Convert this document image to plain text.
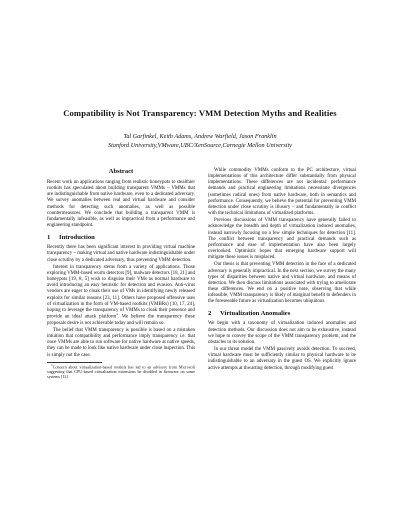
Compatibility is Not Transparency: VMM Detection Myths and Realities
Tal Garfinkel, Keith Adams, Andrew Warfield, Jason Franklin
Stanford University,VMware,UBC/XenSource,Carnegie Mellon University
Abstract

Recent work on applications ranging from realistic honeypots to stealthier rootkits has speculated about building transparent VMMs – VMMs that are indistinguishable from native hardware, even to a dedicated adversary. We survey anomalies between real and virtual hardware and consider methods for detecting such anomalies, as well as possible countermeasures. We conclude that building a transparent VMM is fundamentally infeasible, as well as impractical from a performance and engineering standpoint.

1 Introduction

Recently there has been significant interest in providing virtual machine transparency – making virtual and native hardware indistinguishable under close scrutiny by a dedicated adversary, thus preventing VMM detection.

Interest in transparency stems from a variety of applications. Those exploring VMM-based worm detectors [9], malware detectors [18, 21] and honeypots [19, 8, 5] wish to disguise their VMs as normal hardware to avoid introducing an easy heuristic for detection and evasion. Anti-virus vendors are eager to cloak their use of VMs in identifying newly released exploits for similar reasons [23, 11]. Others have proposed offensive uses of virtualization in the form of VM-based rootkits (VMBRs) [10, 17, 24], hoping to leverage the transparency of VMMs to cloak their presence and provide an ideal attack platform$^1$. We believe the transparency these proposals desire is not achievable today and will remain so.

The belief that VMM transparency is possible is based on a mistaken intuition that compatibility and performance imply transparency i.e. that once VMMs are able to run software for native hardware at native speeds, they can be made to look like native hardware under close inspection. This is simply not the case.

$^1$Concern about virtualization-based rootkits has led to an advisory from Microsoft suggesting that CPU-based virtualization extensions be disabled in firmware on some systems [12].

While commodity VMMs conform to the PC architecture, virtual implementations of this architecture differ substantially from physical implementations. These differences are not incidental: performance demands and practical engineering limitations necessitate divergences (sometimes radical ones) from native hardware, both in semantics and performance. Consequently, we believe the potential for preventing VMM detection under close scrutiny is illusory – and fundamentally in conflict with the technical limitations of virtualized platforms.

Previous discussions of VMM transparency have generally failed to acknowledge the breadth and depth of virtualization induced anomalies, instead narrowly focusing on a few simple techniques for detection [11]. The conflict between transparency and practical demands such as performance and ease of implementation have also been largely overlooked. Optimistic hopes that emerging hardware support will mitigate these issues is misplaced.

Our thesis is that preventing VMM detection in the face of a dedicated adversary is generally impractical. In the next section, we survey the many types of disparities between native and virtual hardware, and means of detection. We then discuss limitations associated with trying to ameliorate these differences. We end on a positive note, observing that while infeasible, VMM transparency is likely of marginal benefit to defenders in the foreseeable future as virtualization becomes ubiquitous.

2 Virtualization Anomalies

We begin with a taxonomy of virtualization induced anomalies and detection methods. Our discussion does not aim to be exhaustive, instead we hope to convey the scope of the VMM transparency problem, and the obstacles to its solution.

In our threat model the VMM passively avoids detection. To succeed, virtual hardware must be sufficiently similar to physical hardware to be indistinguishable to an adversary in the guest OS. We explicitly ignore active attempts at thwarting detection, through modifying guest
